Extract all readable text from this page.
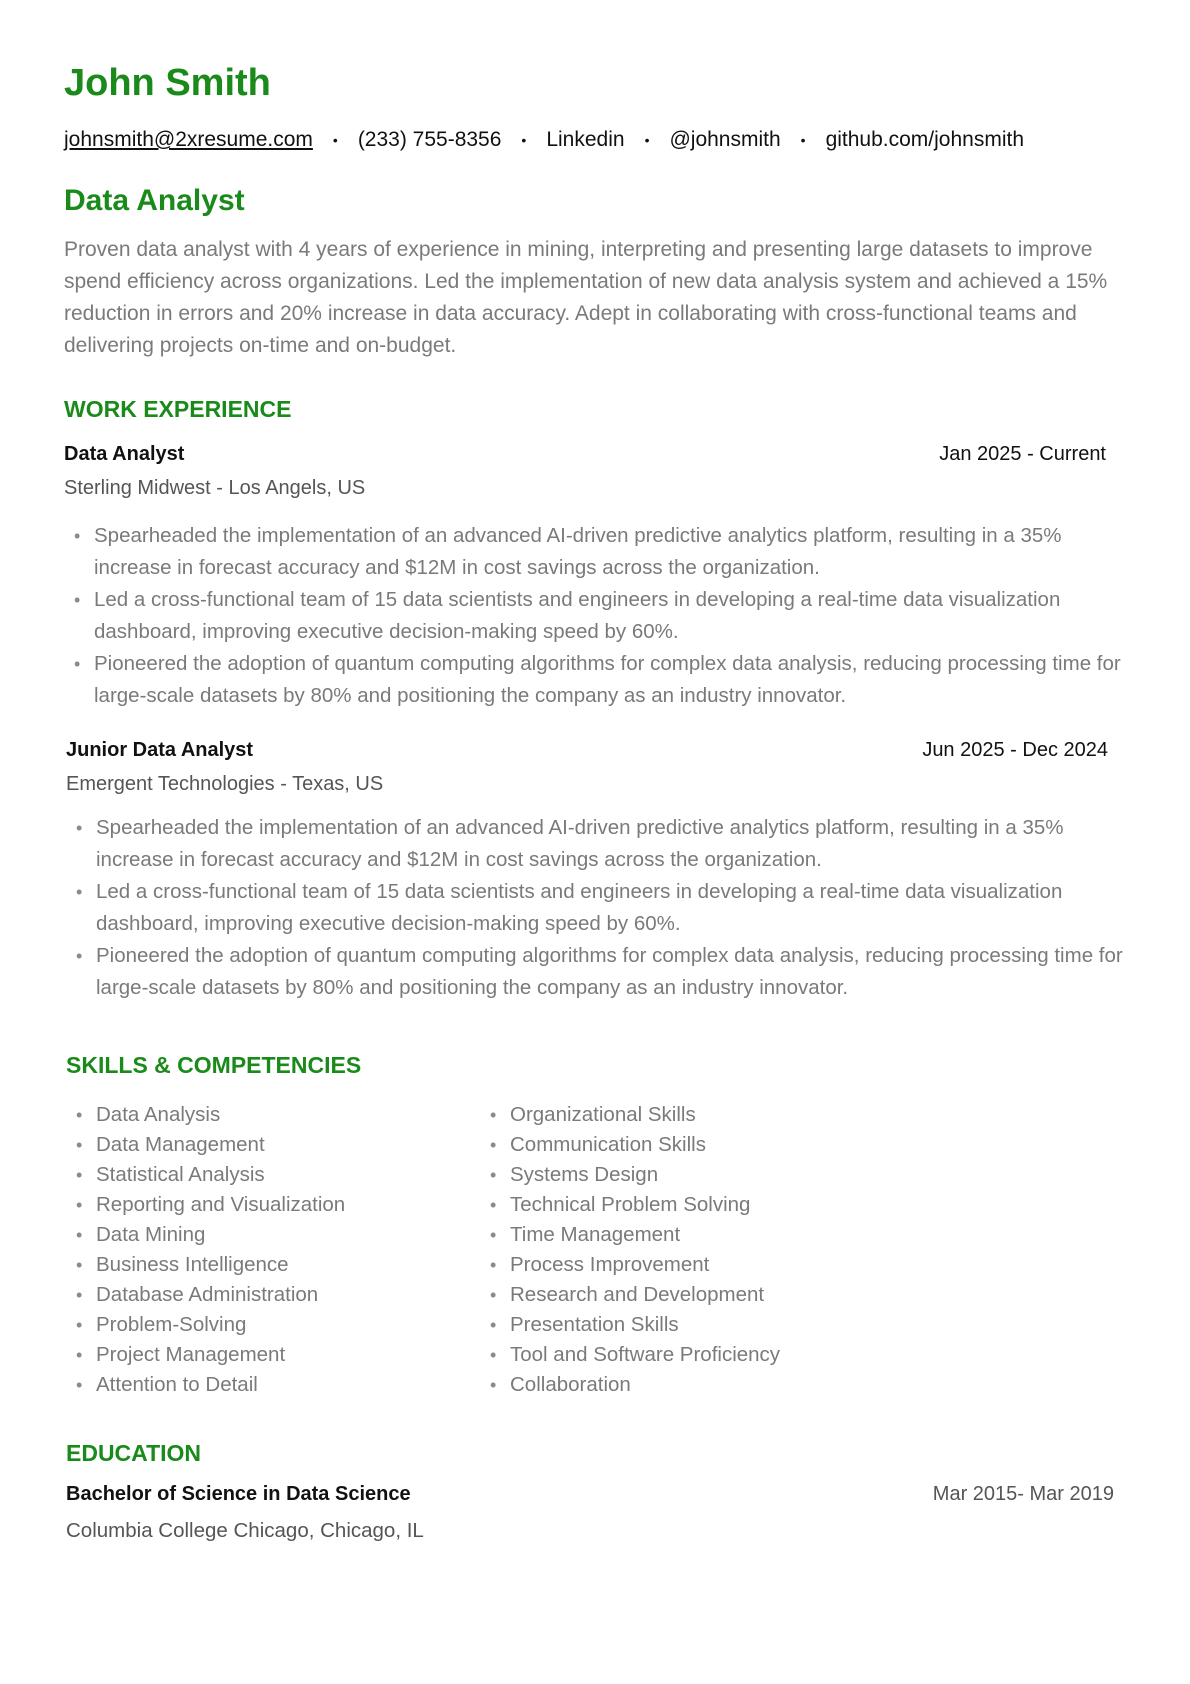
John Smith
johnsmith@2xresume.com • (233) 755-8356 • Linkedin • @johnsmith • github.com/johnsmith
Data Analyst
Proven data analyst with 4 years of experience in mining, interpreting and presenting large datasets to improve spend efficiency across organizations. Led the implementation of new data analysis system and achieved a 15% reduction in errors and 20% increase in data accuracy. Adept in collaborating with cross-functional teams and delivering projects on-time and on-budget.
WORK EXPERIENCE
Data Analyst	Jan 2025 - Current
Sterling Midwest - Los Angels, US
• Spearheaded the implementation of an advanced AI-driven predictive analytics platform, resulting in a 35% increase in forecast accuracy and $12M in cost savings across the organization.
• Led a cross-functional team of 15 data scientists and engineers in developing a real-time data visualization dashboard, improving executive decision-making speed by 60%.
• Pioneered the adoption of quantum computing algorithms for complex data analysis, reducing processing time for large-scale datasets by 80% and positioning the company as an industry innovator.
Junior Data Analyst	Jun 2025 - Dec 2024
Emergent Technologies - Texas, US
• Spearheaded the implementation of an advanced AI-driven predictive analytics platform, resulting in a 35% increase in forecast accuracy and $12M in cost savings across the organization.
• Led a cross-functional team of 15 data scientists and engineers in developing a real-time data visualization dashboard, improving executive decision-making speed by 60%.
• Pioneered the adoption of quantum computing algorithms for complex data analysis, reducing processing time for large-scale datasets by 80% and positioning the company as an industry innovator.
SKILLS & COMPETENCIES
• Data Analysis
• Data Management
• Statistical Analysis
• Reporting and Visualization
• Data Mining
• Business Intelligence
• Database Administration
• Problem-Solving
• Project Management
• Attention to Detail
• Organizational Skills
• Communication Skills
• Systems Design
• Technical Problem Solving
• Time Management
• Process Improvement
• Research and Development
• Presentation Skills
• Tool and Software Proficiency
• Collaboration
EDUCATION
Bachelor of Science in Data Science	Mar 2015- Mar 2019
Columbia College Chicago, Chicago, IL
